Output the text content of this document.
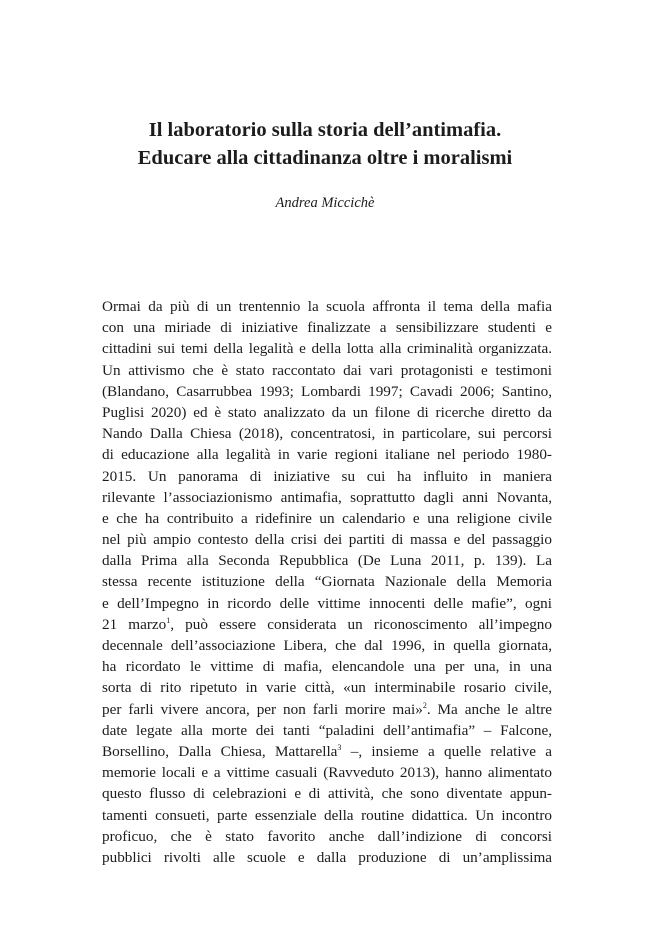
Il laboratorio sulla storia dell’antimafia.
Educare alla cittadinanza oltre i moralismi

Andrea Miccichè

Ormai da più di un trentennio la scuola affronta il tema della mafia
con una miriade di iniziative finalizzate a sensibilizzare studenti e
cittadini sui temi della legalità e della lotta alla criminalità organizzata.
Un attivismo che è stato raccontato dai vari protagonisti e testimoni
(Blandano, Casarrubbea 1993; Lombardi 1997; Cavadi 2006; Santino,
Puglisi 2020) ed è stato analizzato da un filone di ricerche diretto da
Nando Dalla Chiesa (2018), concentratosi, in particolare, sui percorsi
di educazione alla legalità in varie regioni italiane nel periodo 1980-
2015. Un panorama di iniziative su cui ha influito in maniera
rilevante l’associazionismo antimafia, soprattutto dagli anni Novanta,
e che ha contribuito a ridefinire un calendario e una religione civile
nel più ampio contesto della crisi dei partiti di massa e del passaggio
dalla Prima alla Seconda Repubblica (De Luna 2011, p. 139). La
stessa recente istituzione della “Giornata Nazionale della Memoria
e dell’Impegno in ricordo delle vittime innocenti delle mafie”, ogni
21 marzo$^1$, può essere considerata un riconoscimento all’impegno
decennale dell’associazione Libera, che dal 1996, in quella giornata,
ha ricordato le vittime di mafia, elencandole una per una, in una
sorta di rito ripetuto in varie città, «un interminabile rosario civile,
per farli vivere ancora, per non farli morire mai»$^2$. Ma anche le altre
date legate alla morte dei tanti “paladini dell’antimafia” – Falcone,
Borsellino, Dalla Chiesa, Mattarella$^3$ –, insieme a quelle relative a
memorie locali e a vittime casuali (Ravveduto 2013), hanno alimentato
questo flusso di celebrazioni e di attività, che sono diventate appun-
tamenti consueti, parte essenziale della routine didattica. Un incontro
proficuo, che è stato favorito anche dall’indizione di concorsi
pubblici rivolti alle scuole e dalla produzione di un’amplissima
